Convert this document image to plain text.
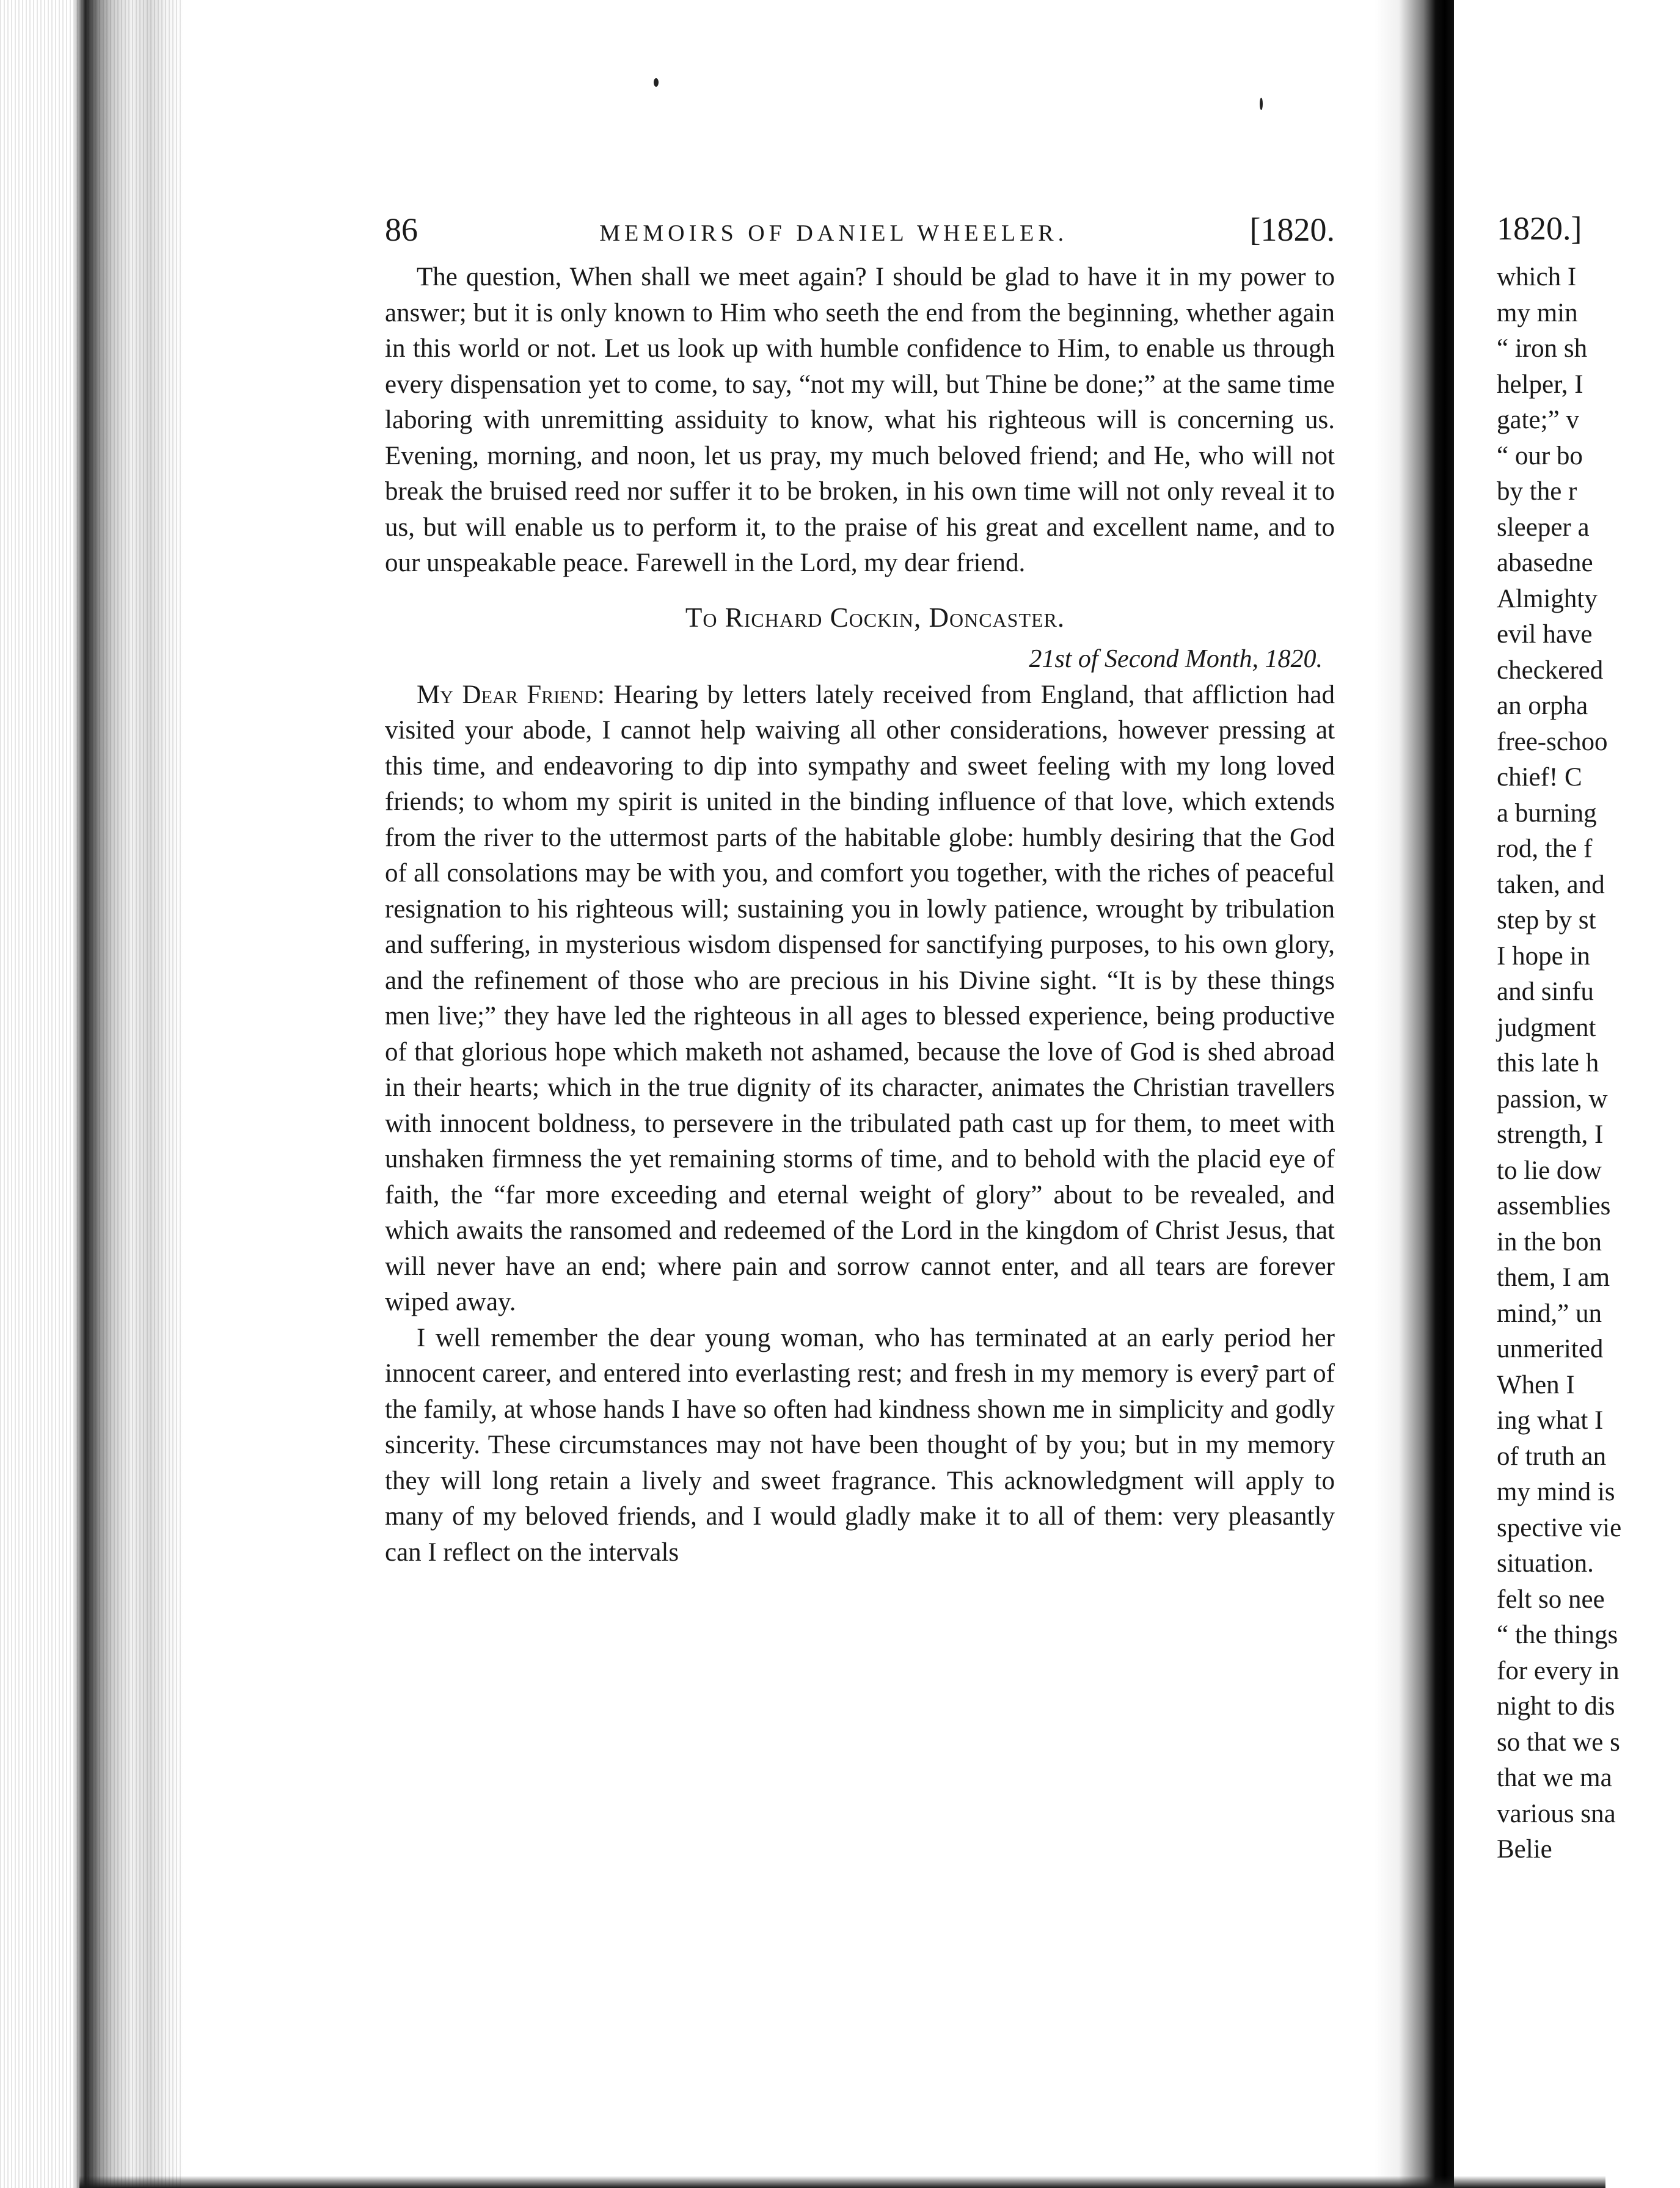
86	MEMOIRS OF DANIEL WHEELER.	[1820.

The question, When shall we meet again? I should be glad to have it in my power to answer; but it is only known to Him who seeth the end from the beginning, whether again in this world or not. Let us look up with humble confidence to Him, to enable us through every dispensation yet to come, to say, “not my will, but Thine be done;” at the same time laboring with unremitting assiduity to know, what his righteous will is concerning us. Evening, morning, and noon, let us pray, my much beloved friend; and He, who will not break the bruised reed nor suffer it to be broken, in his own time will not only reveal it to us, but will enable us to perform it, to the praise of his great and excellent name, and to our unspeakable peace. Farewell in the Lord, my dear friend.

To Richard Cockin, Doncaster.
21st of Second Month, 1820.

My Dear Friend: Hearing by letters lately received from England, that affliction had visited your abode, I cannot help waiving all other considerations, however pressing at this time, and endeavoring to dip into sympathy and sweet feeling with my long loved friends; to whom my spirit is united in the binding influence of that love, which extends from the river to the uttermost parts of the habitable globe: humbly desiring that the God of all consolations may be with you, and comfort you together, with the riches of peaceful resignation to his righteous will; sustaining you in lowly patience, wrought by tribulation and suffering, in mysterious wisdom dispensed for sanctifying purposes, to his own glory, and the refinement of those who are precious in his Divine sight. “It is by these things men live;” they have led the righteous in all ages to blessed experience, being productive of that glorious hope which maketh not ashamed, because the love of God is shed abroad in their hearts; which in the true dignity of its character, animates the Christian travellers with innocent boldness, to persevere in the tribulated path cast up for them, to meet with unshaken firmness the yet remaining storms of time, and to behold with the placid eye of faith, the “far more exceeding and eternal weight of glory” about to be revealed, and which awaits the ransomed and redeemed of the Lord in the kingdom of Christ Jesus, that will never have an end; where pain and sorrow cannot enter, and all tears are forever wiped away.

I well remember the dear young woman, who has terminated at an early period her innocent career, and entered into everlasting rest; and fresh in my memory is every part of the family, at whose hands I have so often had kindness shown me in simplicity and godly sincerity. These circumstances may not have been thought of by you; but in my memory they will long retain a lively and sweet fragrance. This acknowledgment will apply to many of my beloved friends, and I would gladly make it to all of them: very pleasantly can I reflect on the intervals

1820.]
which I
my min
“ iron sh
helper, I
gate;” v
“ our bo
by the r
sleeper a
abasedne
Almighty
evil have
checkered
an orpha
free-schoo
chief! C
a burning
rod, the f
taken, and
step by st
I hope in
and sinfu
judgment
this late h
passion, w
strength, I
to lie dow
assemblies
in the bon
them, I am
mind,” un
unmerited
When I
ing what I
of truth an
my mind is
spective vie
situation.
felt so nee
“ the things
for every in
night to dis
so that we s
that we ma
various sna
Belie
